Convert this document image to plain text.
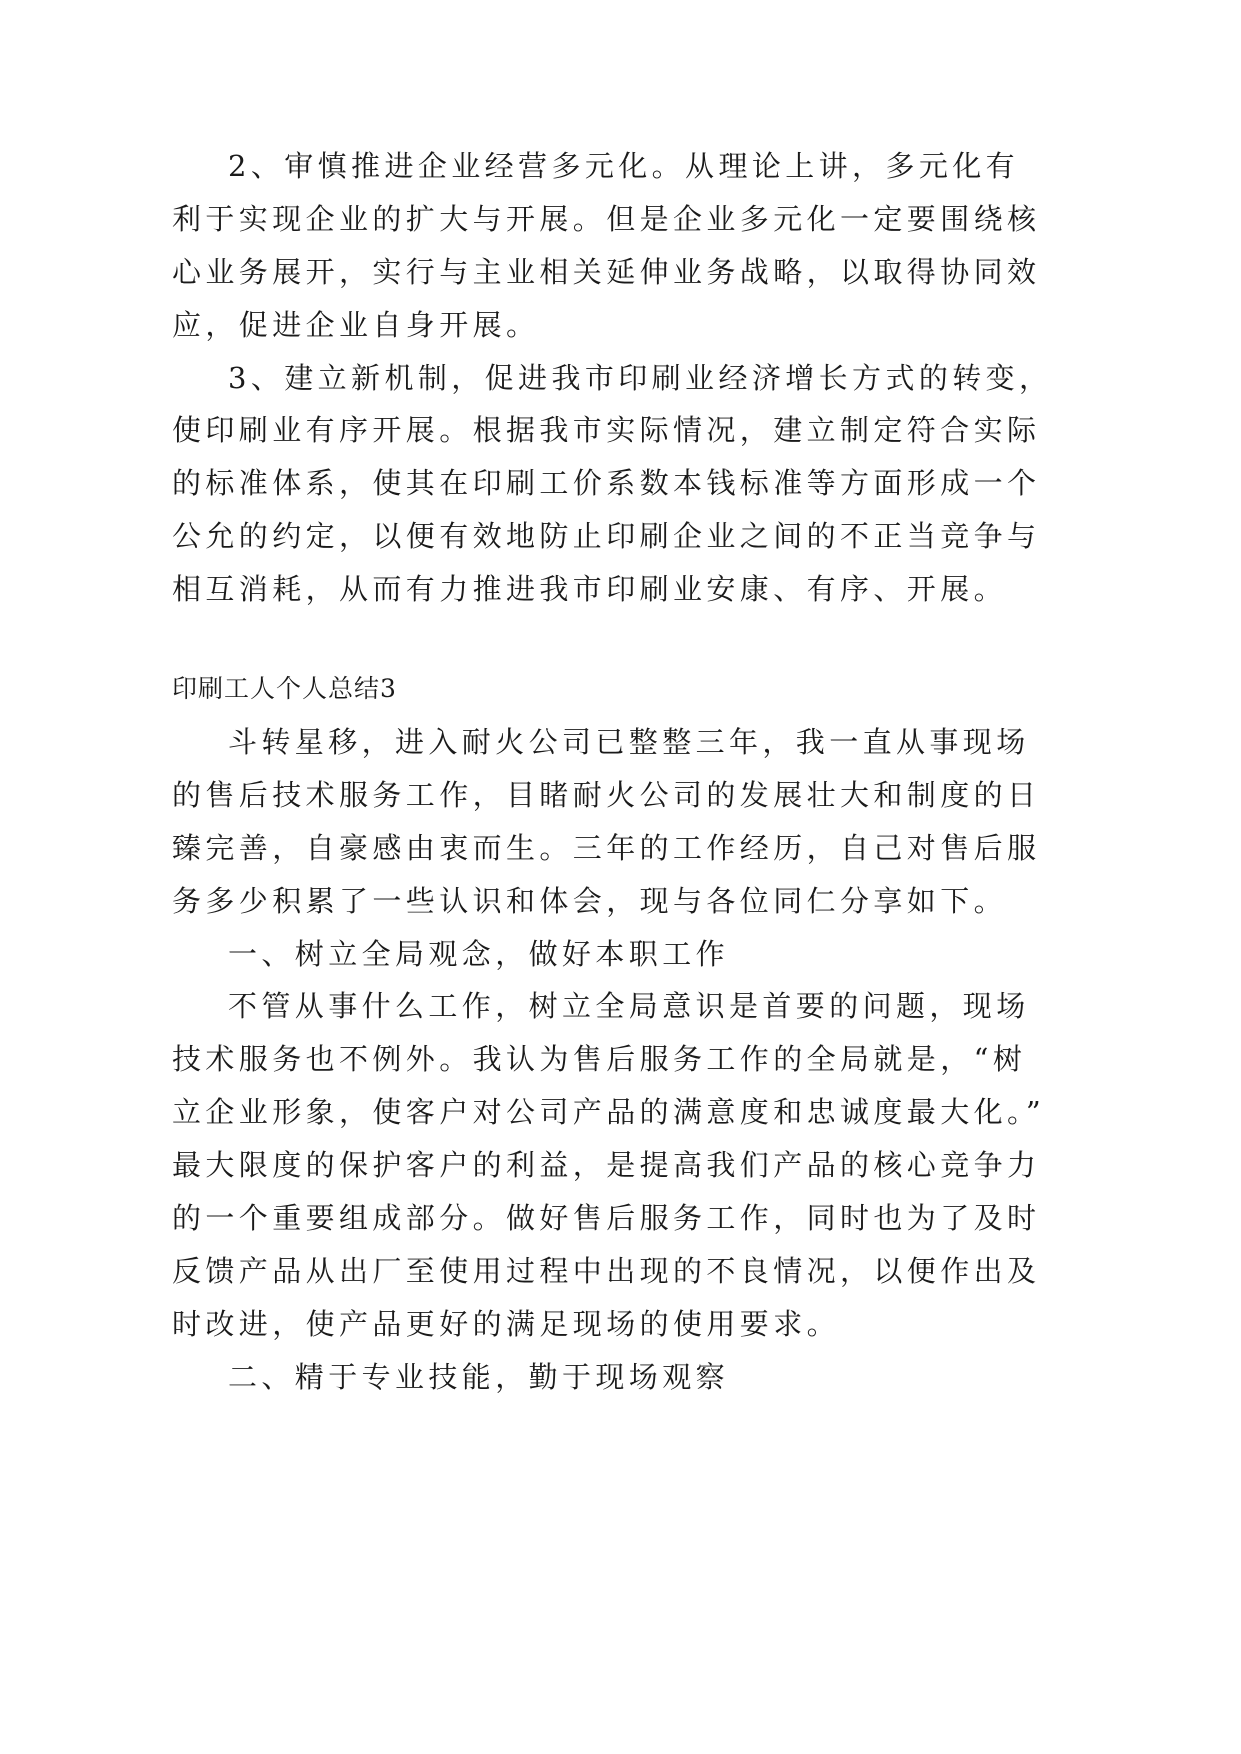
2、审慎推进企业经营多元化。从理论上讲，多元化有

利于实现企业的扩大与开展。但是企业多元化一定要围绕核

心业务展开，实行与主业相关延伸业务战略，以取得协同效

应，促进企业自身开展。

3、建立新机制，促进我市印刷业经济增长方式的转变，

使印刷业有序开展。根据我市实际情况，建立制定符合实际

的标准体系，使其在印刷工价系数本钱标准等方面形成一个

公允的约定，以便有效地防止印刷企业之间的不正当竞争与

相互消耗，从而有力推进我市印刷业安康、有序、开展。

印刷工人个人总结3

斗转星移，进入耐火公司已整整三年，我一直从事现场

的售后技术服务工作，目睹耐火公司的发展壮大和制度的日

臻完善，自豪感由衷而生。三年的工作经历，自己对售后服

务多少积累了一些认识和体会，现与各位同仁分享如下。

一、树立全局观念，做好本职工作

不管从事什么工作，树立全局意识是首要的问题，现场

技术服务也不例外。我认为售后服务工作的全局就是，“树

立企业形象，使客户对公司产品的满意度和忠诚度最大化。”

最大限度的保护客户的利益，是提高我们产品的核心竞争力

的一个重要组成部分。做好售后服务工作，同时也为了及时

反馈产品从出厂至使用过程中出现的不良情况，以便作出及

时改进，使产品更好的满足现场的使用要求。

二、精于专业技能，勤于现场观察
